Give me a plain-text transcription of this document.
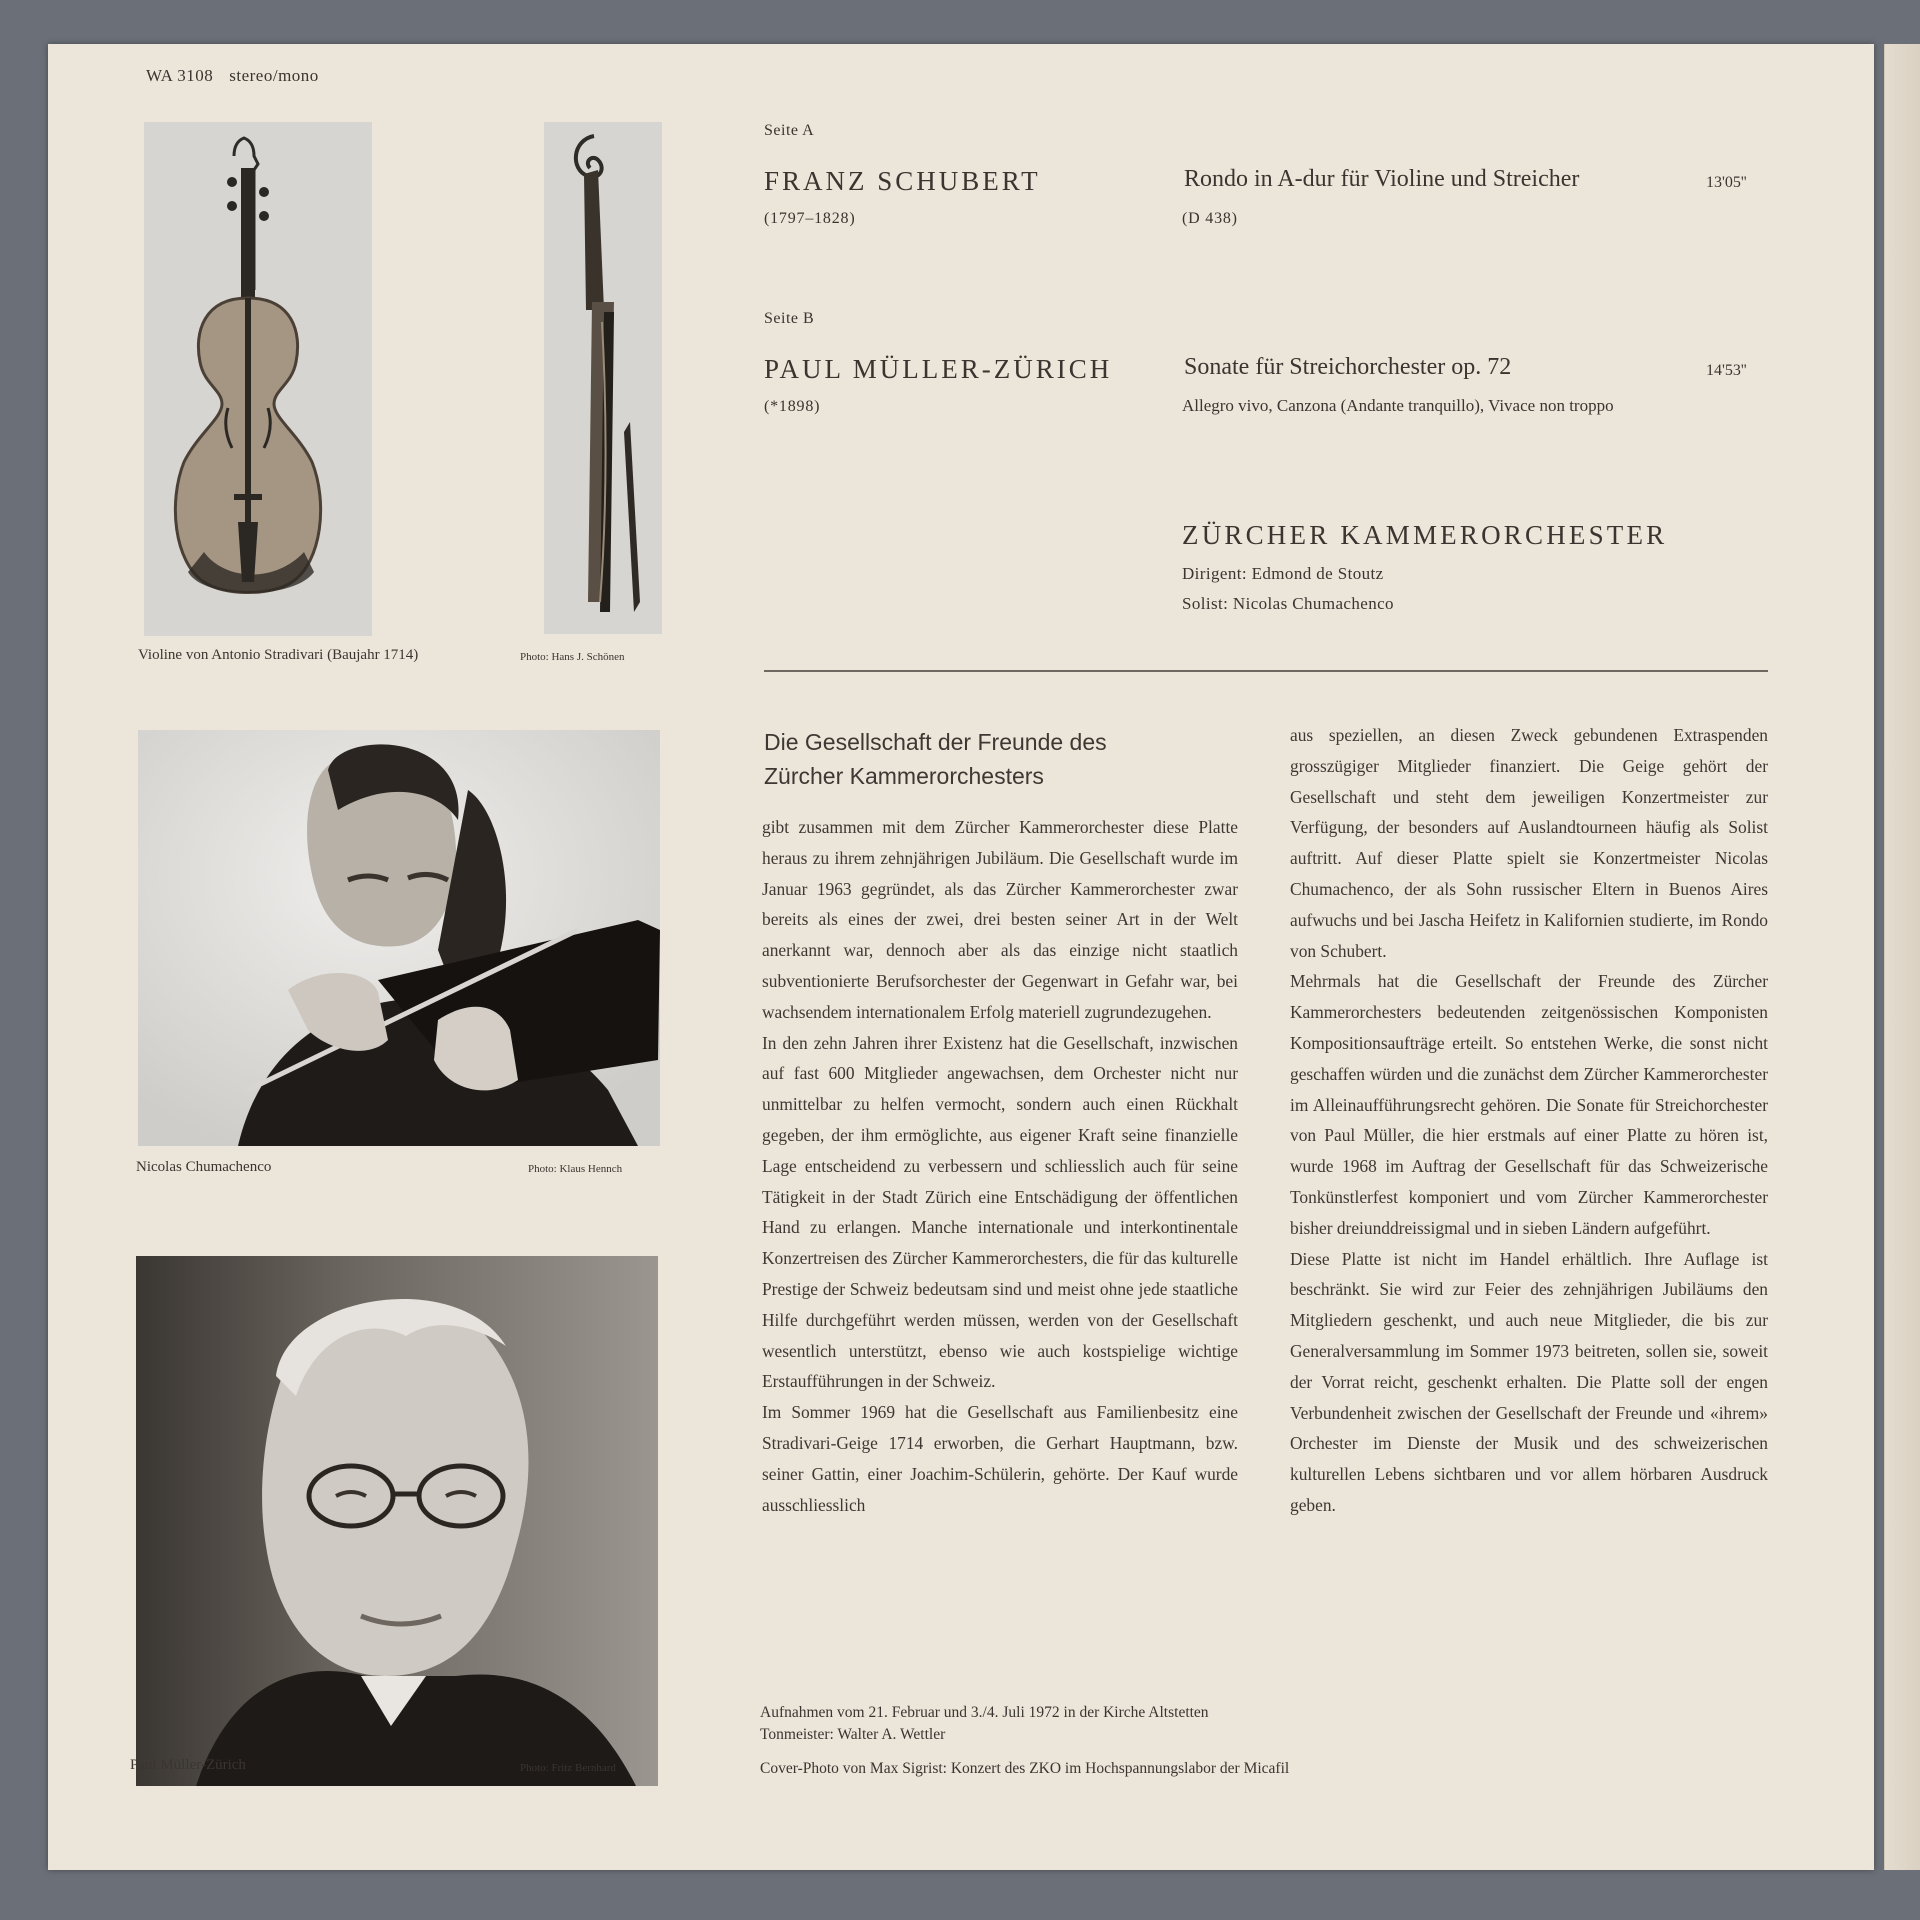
WA 3108 stereo/mono
Violine von Antonio Stradivari (Baujahr 1714)	Photo: Hans J. Schönen
Nicolas Chumachenco	Photo: Klaus Hennch
Paul Müller-Zürich	Photo: Fritz Bernhard
Seite A
FRANZ SCHUBERT
(1797–1828)
Rondo in A-dur für Violine und Streicher
(D 438)
13'05''
Seite B
PAUL MÜLLER-ZÜRICH
(*1898)
Sonate für Streichorchester op. 72
Allegro vivo, Canzona (Andante tranquillo), Vivace non troppo
14'53''
ZÜRCHER KAMMERORCHESTER
Dirigent: Edmond de Stoutz
Solist: Nicolas Chumachenco
Die Gesellschaft der Freunde des
Zürcher Kammerorchesters

gibt zusammen mit dem Zürcher Kammerorchester diese Platte heraus zu ihrem zehnjährigen Jubiläum. Die Gesellschaft wurde im Januar 1963 gegründet, als das Zürcher Kammerorchester zwar bereits als eines der zwei, drei besten seiner Art in der Welt anerkannt war, dennoch aber als das einzige nicht staatlich subventionierte Berufsorchester der Gegenwart in Gefahr war, bei wachsendem internationalem Erfolg materiell zugrundezugehen.

In den zehn Jahren ihrer Existenz hat die Gesellschaft, inzwischen auf fast 600 Mitglieder angewachsen, dem Orchester nicht nur unmittelbar zu helfen vermocht, sondern auch einen Rückhalt gegeben, der ihm ermöglichte, aus eigener Kraft seine finanzielle Lage entscheidend zu verbessern und schliesslich auch für seine Tätigkeit in der Stadt Zürich eine Entschädigung der öffentlichen Hand zu erlangen. Manche internationale und interkontinentale Konzertreisen des Zürcher Kammerorchesters, die für das kulturelle Prestige der Schweiz bedeutsam sind und meist ohne jede staatliche Hilfe durchgeführt werden müssen, werden von der Gesellschaft wesentlich unterstützt, ebenso wie auch kostspielige wichtige Erstaufführungen in der Schweiz.

Im Sommer 1969 hat die Gesellschaft aus Familienbesitz eine Stradivari-Geige 1714 erworben, die Gerhart Hauptmann, bzw. seiner Gattin, einer Joachim-Schülerin, gehörte. Der Kauf wurde ausschliesslich

aus speziellen, an diesen Zweck gebundenen Extraspenden grosszügiger Mitglieder finanziert. Die Geige gehört der Gesellschaft und steht dem jeweiligen Konzertmeister zur Verfügung, der besonders auf Auslandtourneen häufig als Solist auftritt. Auf dieser Platte spielt sie Konzertmeister Nicolas Chumachenco, der als Sohn russischer Eltern in Buenos Aires aufwuchs und bei Jascha Heifetz in Kalifornien studierte, im Rondo von Schubert.

Mehrmals hat die Gesellschaft der Freunde des Zürcher Kammerorchesters bedeutenden zeitgenössischen Komponisten Kompositionsaufträge erteilt. So entstehen Werke, die sonst nicht geschaffen würden und die zunächst dem Zürcher Kammerorchester im Alleinaufführungsrecht gehören. Die Sonate für Streichorchester von Paul Müller, die hier erstmals auf einer Platte zu hören ist, wurde 1968 im Auftrag der Gesellschaft für das Schweizerische Tonkünstlerfest komponiert und vom Zürcher Kammerorchester bisher dreiunddreissigmal und in sieben Ländern aufgeführt.

Diese Platte ist nicht im Handel erhältlich. Ihre Auflage ist beschränkt. Sie wird zur Feier des zehnjährigen Jubiläums den Mitgliedern geschenkt, und auch neue Mitglieder, die bis zur Generalversammlung im Sommer 1973 beitreten, sollen sie, soweit der Vorrat reicht, geschenkt erhalten. Die Platte soll der engen Verbundenheit zwischen der Gesellschaft der Freunde und «ihrem» Orchester im Dienste der Musik und des schweizerischen kulturellen Lebens sichtbaren und vor allem hörbaren Ausdruck geben.

Aufnahmen vom 21. Februar und 3./4. Juli 1972 in der Kirche Altstetten
Tonmeister: Walter A. Wettler
Cover-Photo von Max Sigrist: Konzert des ZKO im Hochspannungslabor der Micafil
